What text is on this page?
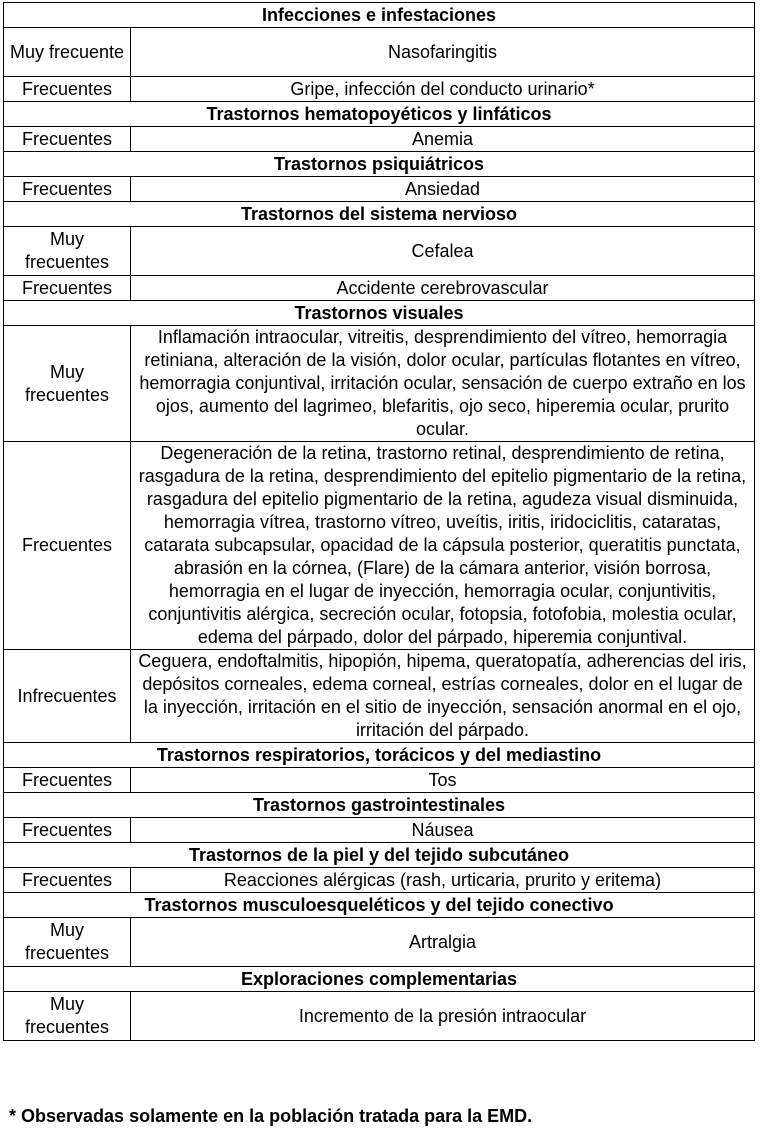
Infecciones e infestaciones	
Muy frecuente	Nasofaringitis
Frecuentes	Gripe, infección del conducto urinario*
Trastornos hematopoyéticos y linfáticos	
Frecuentes	Anemia
Trastornos psiquiátricos	
Frecuentes	Ansiedad
Trastornos del sistema nervioso	
Muy frecuentes	Cefalea
Frecuentes	Accidente cerebrovascular
Trastornos visuales	
Muy frecuentes	Inflamación intraocular, vitreitis, desprendimiento del vítreo, hemorragia retiniana, alteración de la visión, dolor ocular, partículas flotantes en vítreo, hemorragia conjuntival, irritación ocular, sensación de cuerpo extraño en los ojos, aumento del lagrimeo, blefaritis, ojo seco, hiperemia ocular, prurito ocular.
Frecuentes	Degeneración de la retina, trastorno retinal, desprendimiento de retina, rasgadura de la retina, desprendimiento del epitelio pigmentario de la retina, rasgadura del epitelio pigmentario de la retina, agudeza visual disminuida, hemorragia vítrea, trastorno vítreo, uveítis, iritis, iridociclitis, cataratas, catarata subcapsular, opacidad de la cápsula posterior, queratitis punctata, abrasión en la córnea, (Flare) de la cámara anterior, visión borrosa, hemorragia en el lugar de inyección, hemorragia ocular, conjuntivitis, conjuntivitis alérgica, secreción ocular, fotopsia, fotofobia, molestia ocular, edema del párpado, dolor del párpado, hiperemia conjuntival.
Infrecuentes	Ceguera, endoftalmitis, hipopión, hipema, queratopatía, adherencias del iris, depósitos corneales, edema corneal, estrías corneales, dolor en el lugar de la inyección, irritación en el sitio de inyección, sensación anormal en el ojo, irritación del párpado.
Trastornos respiratorios, torácicos y del mediastino	
Frecuentes	Tos
Trastornos gastrointestinales	
Frecuentes	Náusea
Trastornos de la piel y del tejido subcutáneo	
Frecuentes	Reacciones alérgicas (rash, urticaria, prurito y eritema)
Trastornos musculoesqueléticos y del tejido conectivo	
Muy frecuentes	Artralgia
Exploraciones complementarias	
Muy frecuentes	Incremento de la presión intraocular
* Observadas solamente en la población tratada para la EMD.
